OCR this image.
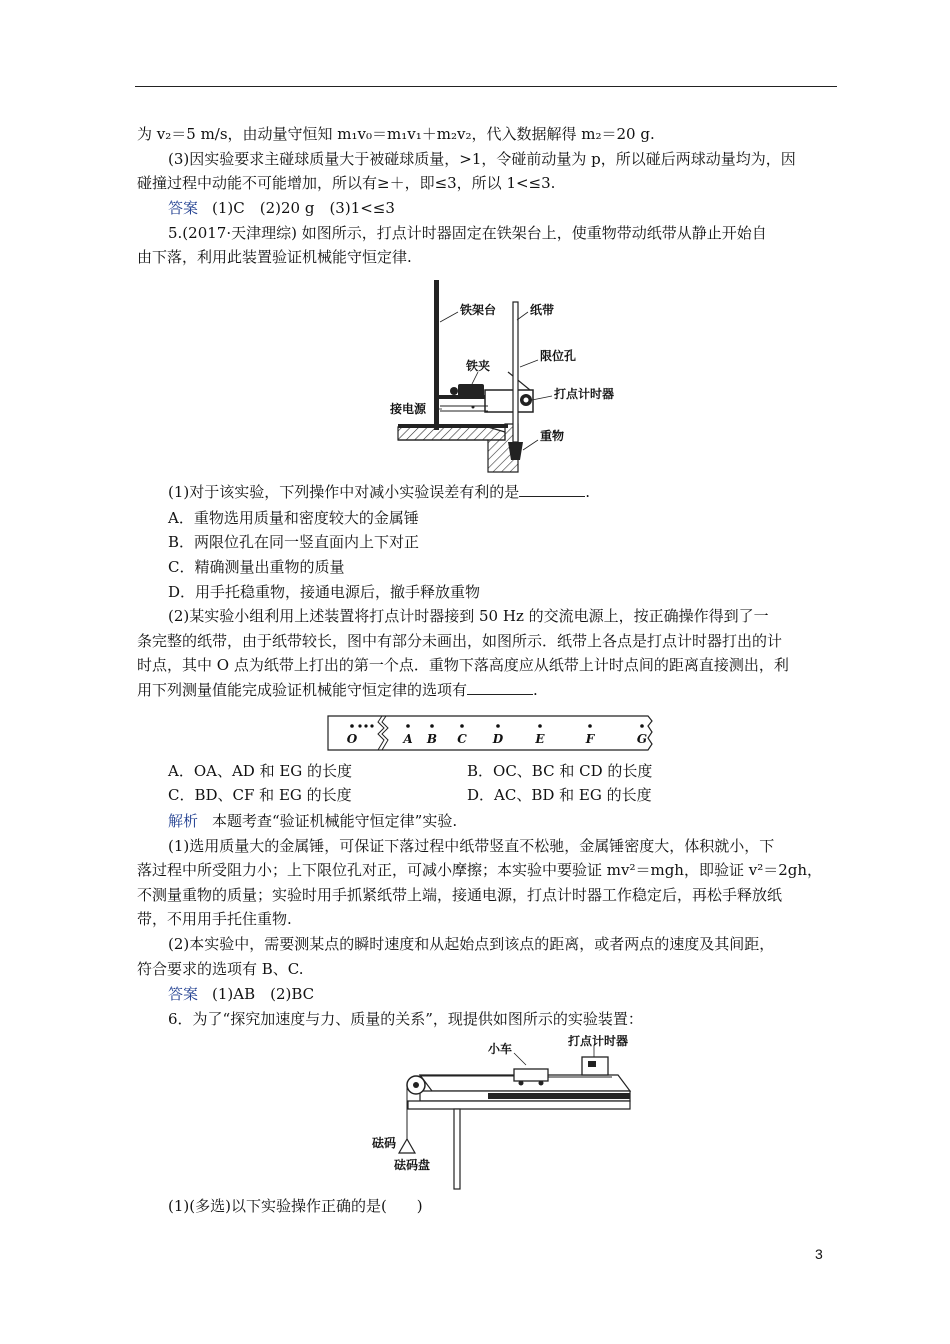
为 v₂＝5 m/s，由动量守恒知 m₁v₀＝m₁v₁＋m₂v₂，代入数据解得 m₂＝20 g.
(3)因实验要求主碰球质量大于被碰球质量，>1，令碰前动量为 p，所以碰后两球动量均为，因
碰撞过程中动能不可能增加，所以有≥＋，即≤3，所以 1<≤3.
答案 (1)C　(2)20 g　(3)1<≤3
5.(2017·天津理综) 如图所示，打点计时器固定在铁架台上，使重物带动纸带从静止开始自
由下落，利用此装置验证机械能守恒定律.
铁架台	纸带
铁夹
限位孔
打点计时器
接电源
重物
(1)对于该实验，下列操作中对减小实验误差有利的是	.
A．重物选用质量和密度较大的金属锤
B．两限位孔在同一竖直面内上下对正
C．精确测量出重物的质量
D．用手托稳重物，接通电源后，撤手释放重物
(2)某实验小组利用上述装置将打点计时器接到 50 Hz 的交流电源上，按正确操作得到了一
条完整的纸带，由于纸带较长，图中有部分未画出，如图所示．纸带上各点是打点计时器打出的计
时点，其中 O 点为纸带上打出的第一个点．重物下落高度应从纸带上计时点间的距离直接测出，利
用下列测量值能完成验证机械能守恒定律的选项有	.
O	A B C D	E	F	G
A．OA、AD 和 EG 的长度	B．OC、BC 和 CD 的长度
C．BD、CF 和 EG 的长度	D．AC、BD 和 EG 的长度
解析 本题考查“验证机械能守恒定律”实验.
(1)选用质量大的金属锤，可保证下落过程中纸带竖直不松驰，金属锤密度大，体积就小，下
落过程中所受阻力小；上下限位孔对正，可减小摩擦；本实验中要验证 mv²＝mgh，即验证 v²＝2gh，
不测量重物的质量；实验时用手抓紧纸带上端，接通电源，打点计时器工作稳定后，再松手释放纸
带，不用用手托住重物.
(2)本实验中，需要测某点的瞬时速度和从起始点到该点的距离，或者两点的速度及其间距，
符合要求的选项有 B、C.
答案 (1)AB　(2)BC
6．为了“探究加速度与力、质量的关系”，现提供如图所示的实验装置：
小车
打点计时器
砝码
砝码盘
(1)(多选)以下实验操作正确的是(　　)
3
